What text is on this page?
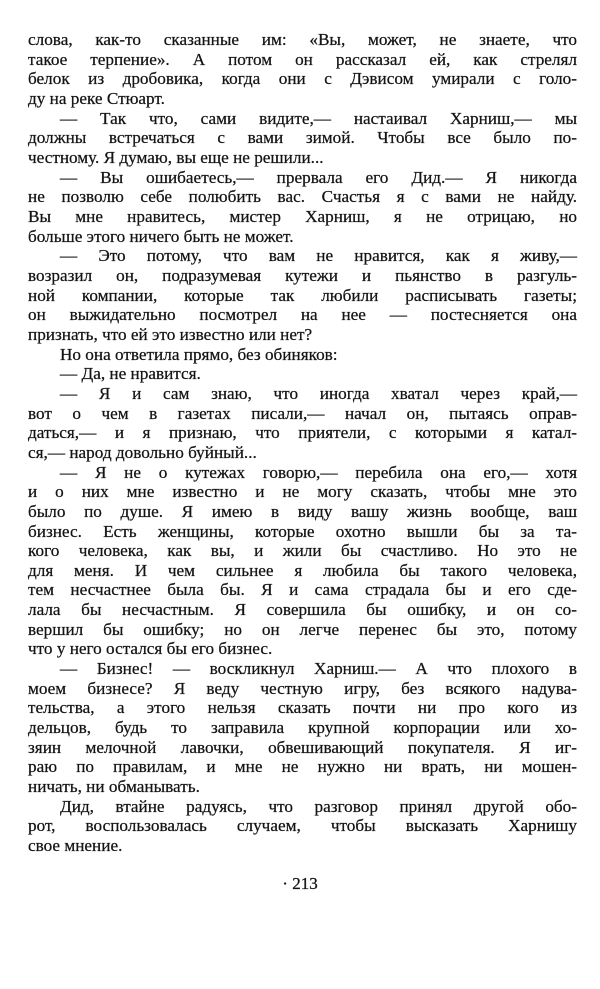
· 213
слова, как-то сказанные им: «Вы, может, не знаете, что
такое терпение». А потом он рассказал ей, как стрелял
белок из дробовика, когда они с Дэвисом умирали с голо-
ду на реке Стюарт.
— Так что, сами видите,— настаивал Харниш,— мы
должны встречаться с вами зимой. Чтобы все было по-
честному. Я думаю, вы еще не решили...
— Вы ошибаетесь,— прервала его Дид.— Я никогда
не позволю себе полюбить вас. Счастья я с вами не найду.
Вы мне нравитесь, мистер Харниш, я не отрицаю, но
больше этого ничего быть не может.
— Это потому, что вам не нравится, как я живу,—
возразил он, подразумевая кутежи и пьянство в разгуль-
ной компании, которые так любили расписывать газеты;
он выжидательно посмотрел на нее — постесняется она
признать, что ей это известно или нет?
Но она ответила прямо, без обиняков:
— Да, не нравится.
— Я и сам знаю, что иногда хватал через край,—
вот о чем в газетах писали,— начал он, пытаясь оправ-
даться,— и я признаю, что приятели, с которыми я катал-
ся,— народ довольно буйный...
— Я не о кутежах говорю,— перебила она его,— хотя
и о них мне известно и не могу сказать, чтобы мне это
было по душе. Я имею в виду вашу жизнь вообще, ваш
бизнес. Есть женщины, которые охотно вышли бы за та-
кого человека, как вы, и жили бы счастливо. Но это не
для меня. И чем сильнее я любила бы такого человека,
тем несчастнее была бы. Я и сама страдала бы и его сде-
лала бы несчастным. Я совершила бы ошибку, и он со-
вершил бы ошибку; но он легче перенес бы это, потому
что у него остался бы его бизнес.
— Бизнес! — воскликнул Харниш.— А что плохого в
моем бизнесе? Я веду честную игру, без всякого надува-
тельства, а этого нельзя сказать почти ни про кого из
дельцов, будь то заправила крупной корпорации или хо-
зяин мелочной лавочки, обвешивающий покупателя. Я иг-
раю по правилам, и мне не нужно ни врать, ни мошен-
ничать, ни обманывать.
Дид, втайне радуясь, что разговор принял другой обо-
рот, воспользовалась случаем, чтобы высказать Харнишу
свое мнение.
